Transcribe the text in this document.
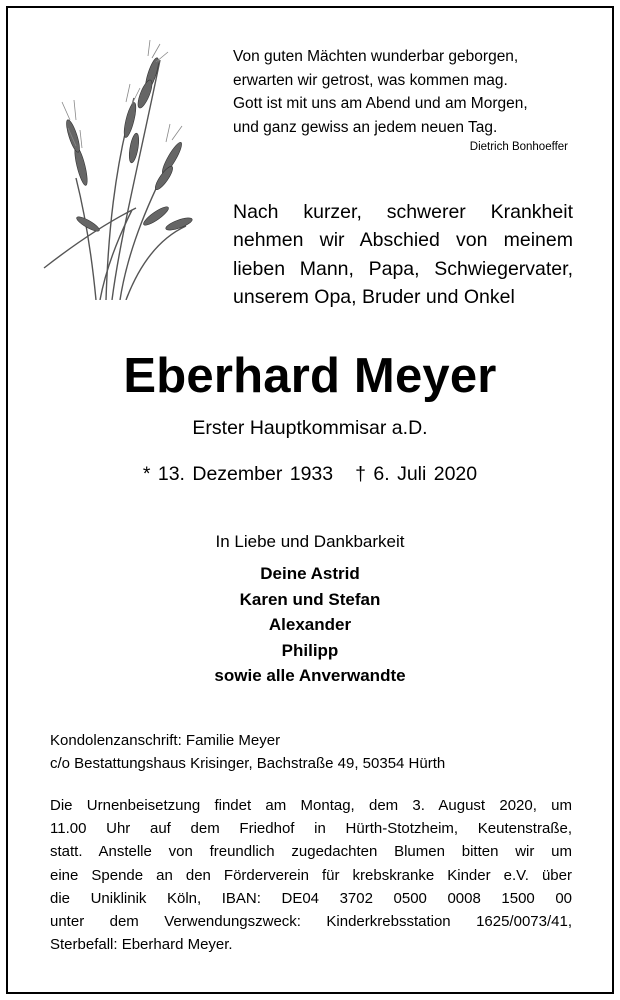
Von guten Mächten wunderbar geborgen,
erwarten wir getrost, was kommen mag.
Gott ist mit uns am Abend und am Morgen,
und ganz gewiss an jedem neuen Tag.
Dietrich Bonhoeffer
Nach kurzer, schwerer Krankheit
nehmen wir Abschied von meinem
lieben Mann, Papa, Schwiegervater,
unserem Opa, Bruder und Onkel
Eberhard Meyer
Erster Hauptkommisar a.D.
* 13. Dezember 1933 † 6. Juli 2020
In Liebe und Dankbarkeit
Deine Astrid
Karen und Stefan
Alexander
Philipp
sowie alle Anverwandte
Kondolenzanschrift: Familie Meyer
c/o Bestattungshaus Krisinger, Bachstraße 49, 50354 Hürth
Die Urnenbeisetzung findet am Montag, dem 3. August 2020, um
11.00 Uhr auf dem Friedhof in Hürth-Stotzheim, Keutenstraße,
statt. Anstelle von freundlich zugedachten Blumen bitten wir um
eine Spende an den Förderverein für krebskranke Kinder e.V. über
die Uniklinik Köln, IBAN: DE04 3702 0500 0008 1500 00
unter dem Verwendungszweck: Kinderkrebsstation 1625/0073/41,
Sterbefall: Eberhard Meyer.
